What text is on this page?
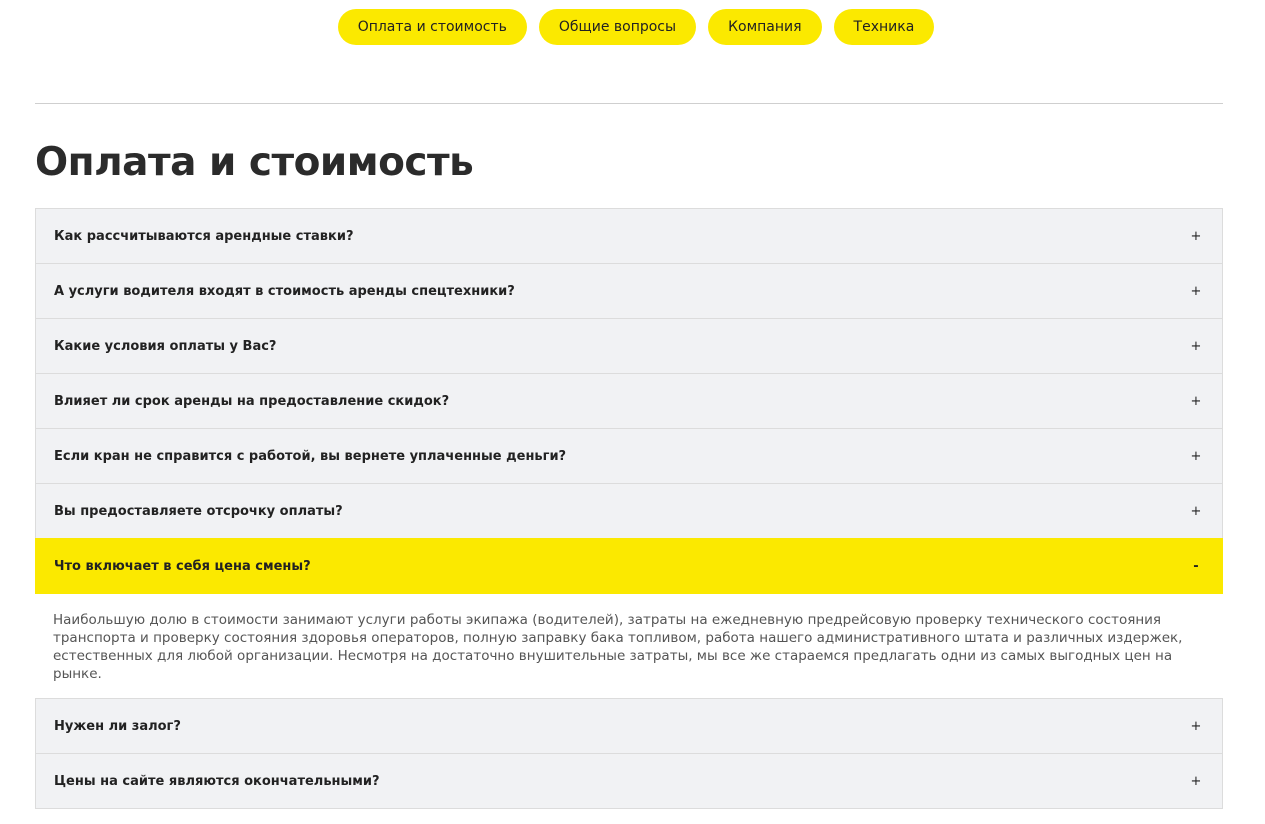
Оплата и стоимость	Общие вопросы	Компания	Техника
Оплата и стоимость
Как рассчитываются арендные ставки?	+
А услуги водителя входят в стоимость аренды спецтехники?	+
Какие условия оплаты у Вас?	+
Влияет ли срок аренды на предоставление скидок?	+
Если кран не справится с работой, вы вернете уплаченные деньги?	+
Вы предоставляете отсрочку оплаты?	+
Что включает в себя цена смены?	-
Наибольшую долю в стоимости занимают услуги работы экипажа (водителей), затраты на ежедневную предрейсовую проверку технического состояния транспорта и проверку состояния здоровья операторов, полную заправку бака топливом, работа нашего административного штата и различных издержек, естественных для любой организации. Несмотря на достаточно внушительные затраты, мы все же стараемся предлагать одни из самых выгодных цен на рынке.
Нужен ли залог?	+
Цены на сайте являются окончательными?	+
